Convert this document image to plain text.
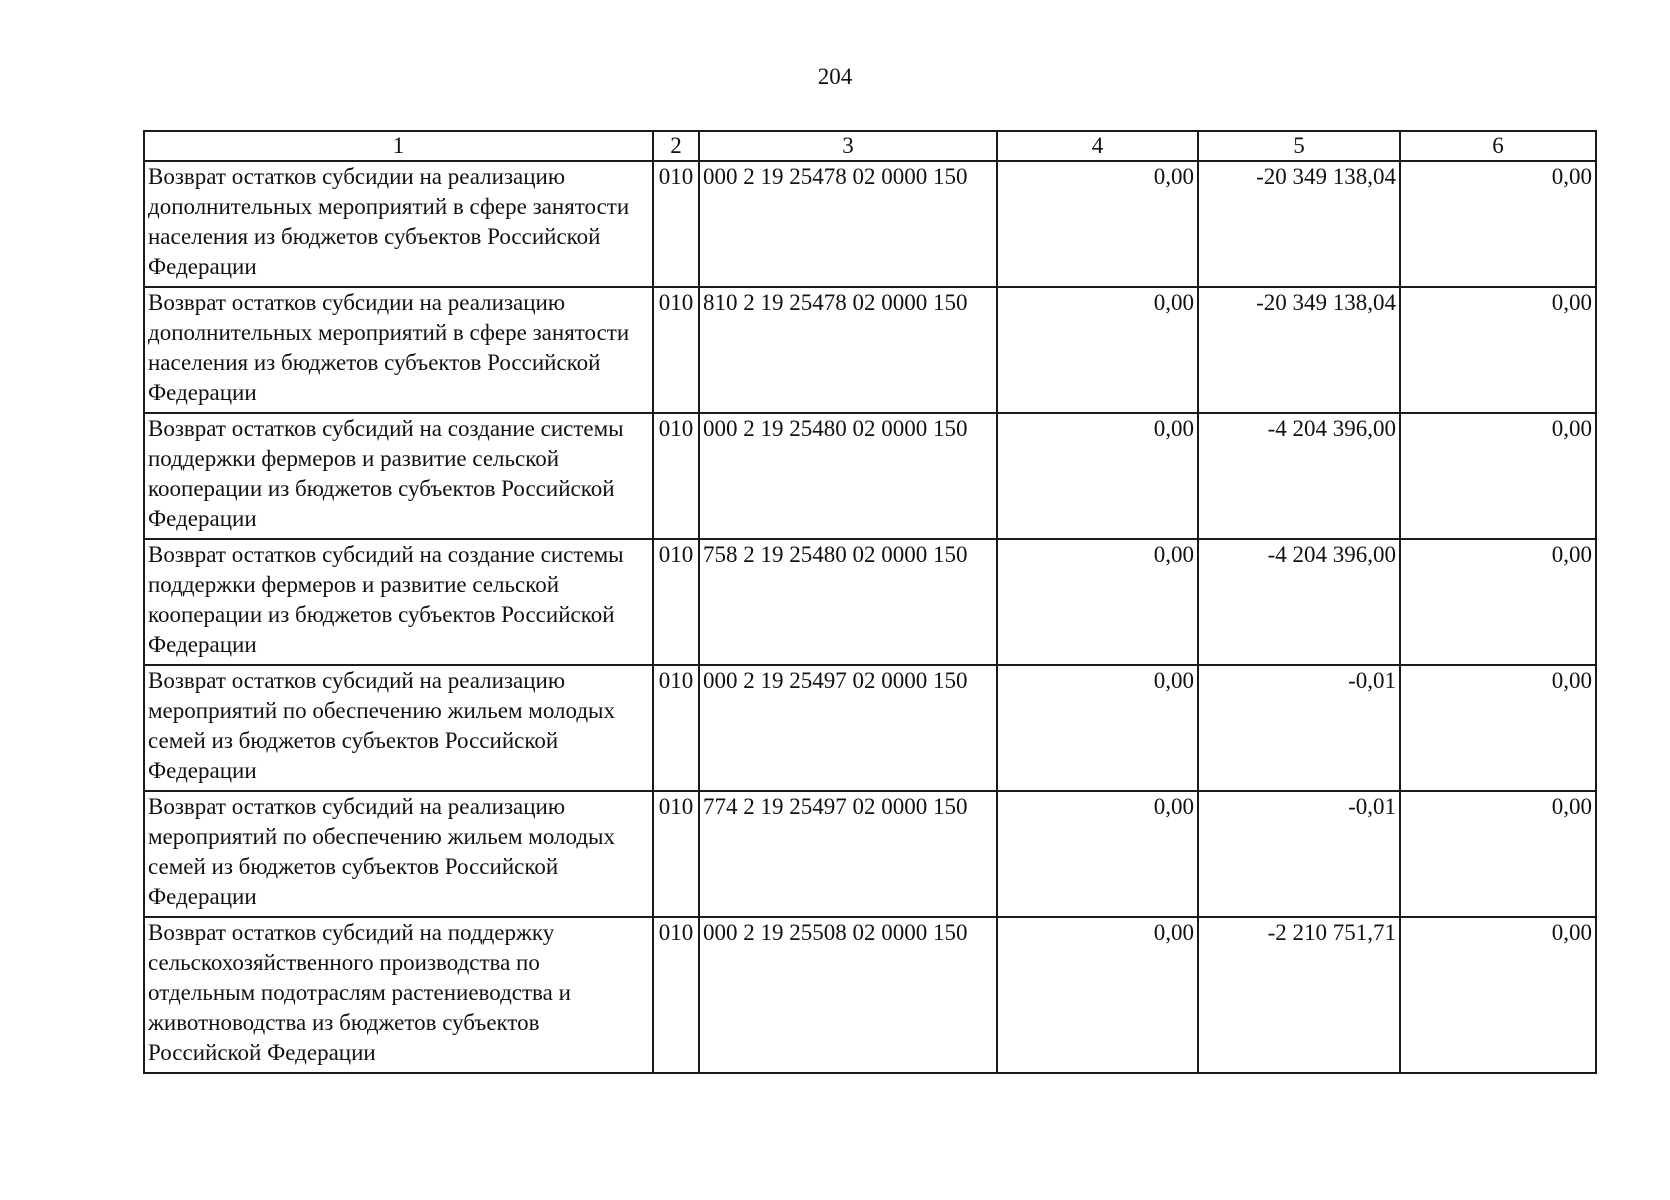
204
1	2	3	4	5	6
Возврат остатков субсидии на реализацию дополнительных мероприятий в сфере занятости населения из бюджетов субъектов Российской Федерации	010	000 2 19 25478 02 0000 150	0,00	-20 349 138,04	0,00
Возврат остатков субсидии на реализацию дополнительных мероприятий в сфере занятости населения из бюджетов субъектов Российской Федерации	010	810 2 19 25478 02 0000 150	0,00	-20 349 138,04	0,00
Возврат остатков субсидий на создание системы поддержки фермеров и развитие сельской кооперации из бюджетов субъектов Российской Федерации	010	000 2 19 25480 02 0000 150	0,00	-4 204 396,00	0,00
Возврат остатков субсидий на создание системы поддержки фермеров и развитие сельской кооперации из бюджетов субъектов Российской Федерации	010	758 2 19 25480 02 0000 150	0,00	-4 204 396,00	0,00
Возврат остатков субсидий на реализацию мероприятий по обеспечению жильем молодых семей из бюджетов субъектов Российской Федерации	010	000 2 19 25497 02 0000 150	0,00	-0,01	0,00
Возврат остатков субсидий на реализацию мероприятий по обеспечению жильем молодых семей из бюджетов субъектов Российской Федерации	010	774 2 19 25497 02 0000 150	0,00	-0,01	0,00
Возврат остатков субсидий на поддержку сельскохозяйственного производства по отдельным подотраслям растениеводства и животноводства из бюджетов субъектов Российской Федерации	010	000 2 19 25508 02 0000 150	0,00	-2 210 751,71	0,00
